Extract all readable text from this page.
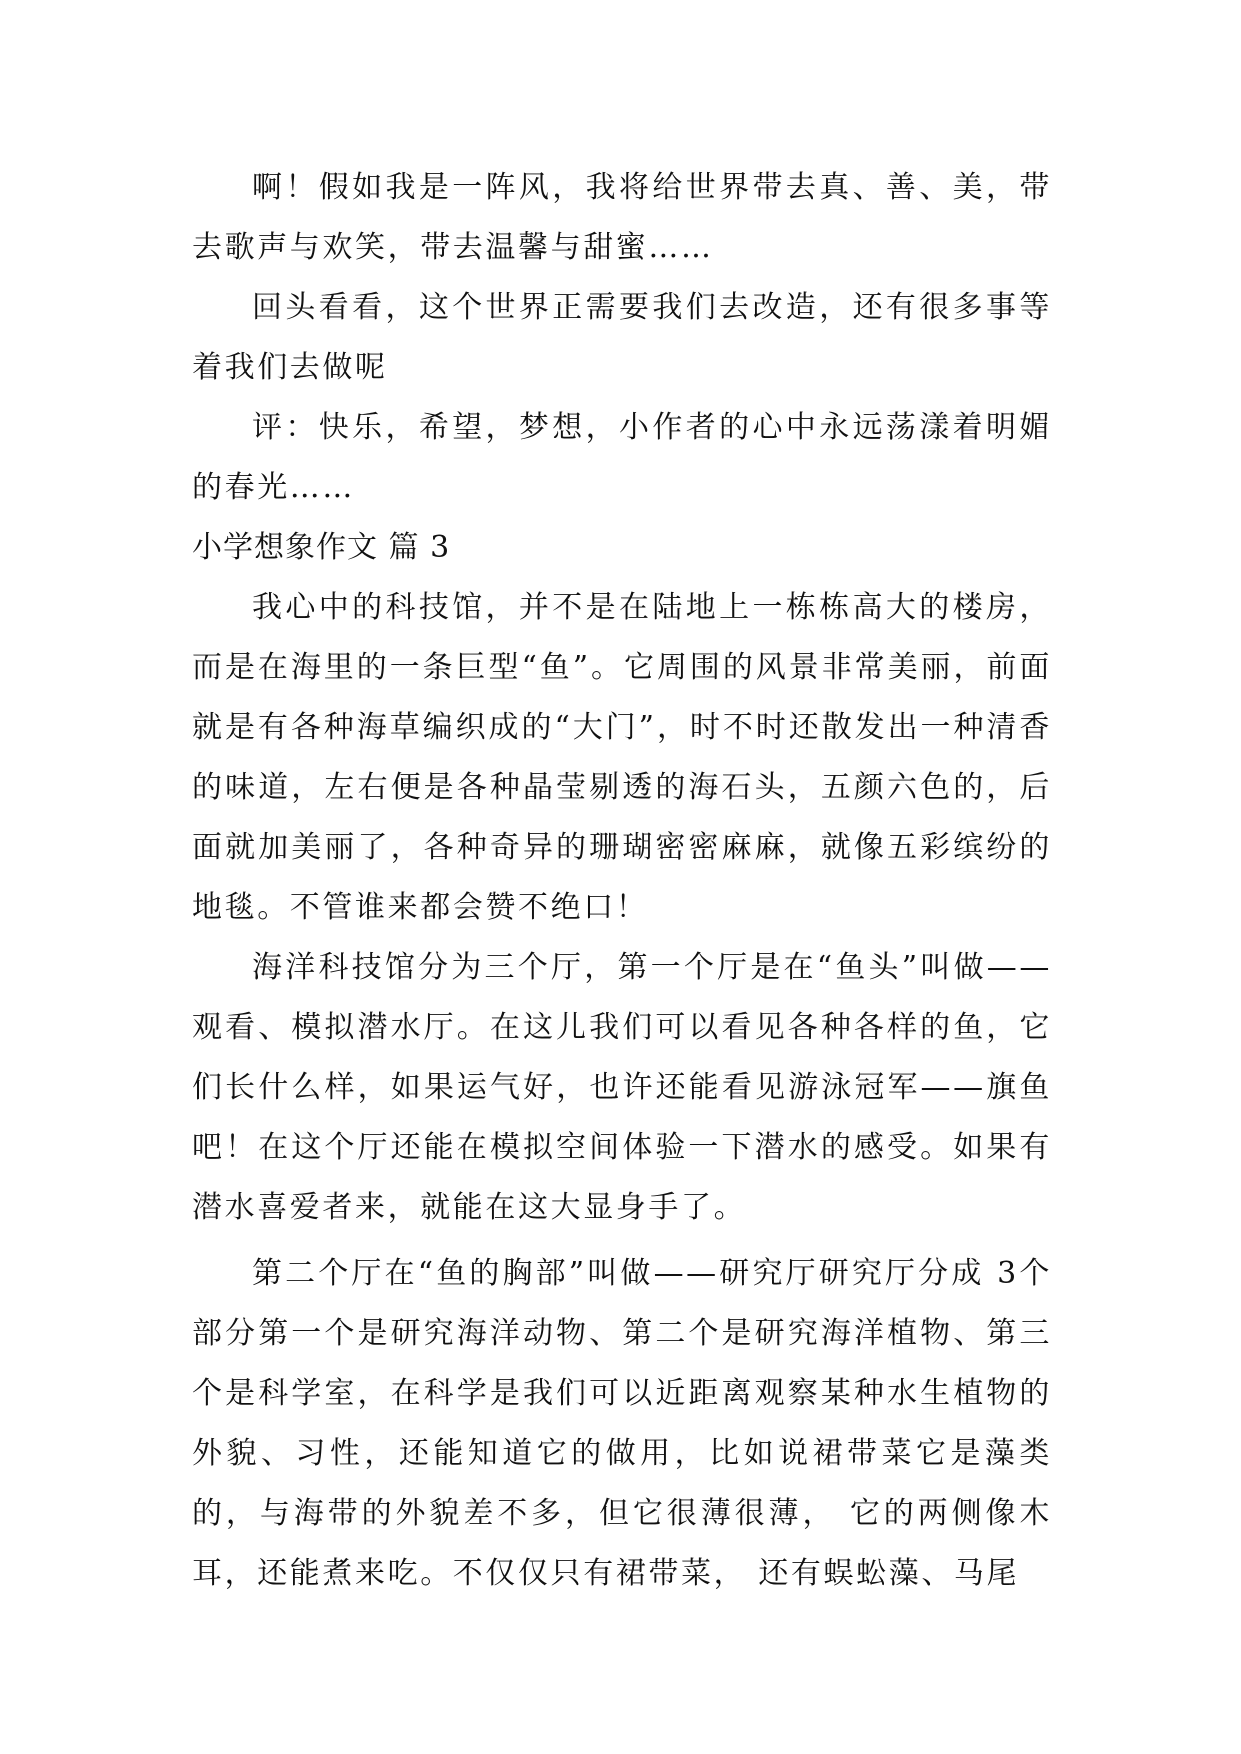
啊！假如我是一阵风，我将给世界带去真、善、美，带去歌声与欢笑，带去温馨与甜蜜……

回头看看，这个世界正需要我们去改造，还有很多事等着我们去做呢

评：快乐，希望，梦想，小作者的心中永远荡漾着明媚的春光……

小学想象作文 篇 3

我心中的科技馆，并不是在陆地上一栋栋高大的楼房，而是在海里的一条巨型“鱼”。它周围的风景非常美丽，前面就是有各种海草编织成的“大门”，时不时还散发出一种清香的味道，左右便是各种晶莹剔透的海石头，五颜六色的，后面就加美丽了，各种奇异的珊瑚密密麻麻，就像五彩缤纷的地毯。不管谁来都会赞不绝口！

海洋科技馆分为三个厅，第一个厅是在“鱼头”叫做——观看、模拟潜水厅。在这儿我们可以看见各种各样的鱼，它们长什么样，如果运气好，也许还能看见游泳冠军——旗鱼吧！在这个厅还能在模拟空间体验一下潜水的感受。如果有潜水喜爱者来，就能在这大显身手了。

第二个厅在“鱼的胸部”叫做——研究厅研究厅分成 3个部分第一个是研究海洋动物、第二个是研究海洋植物、第三个是科学室，在科学是我们可以近距离观察某种水生植物的外貌、习性，还能知道它的做用，比如说裙带菜它是藻类的，与海带的外貌差不多，但它很薄很薄， 它的两侧像木耳，还能煮来吃。不仅仅只有裙带菜， 还有蜈蚣藻、马尾
